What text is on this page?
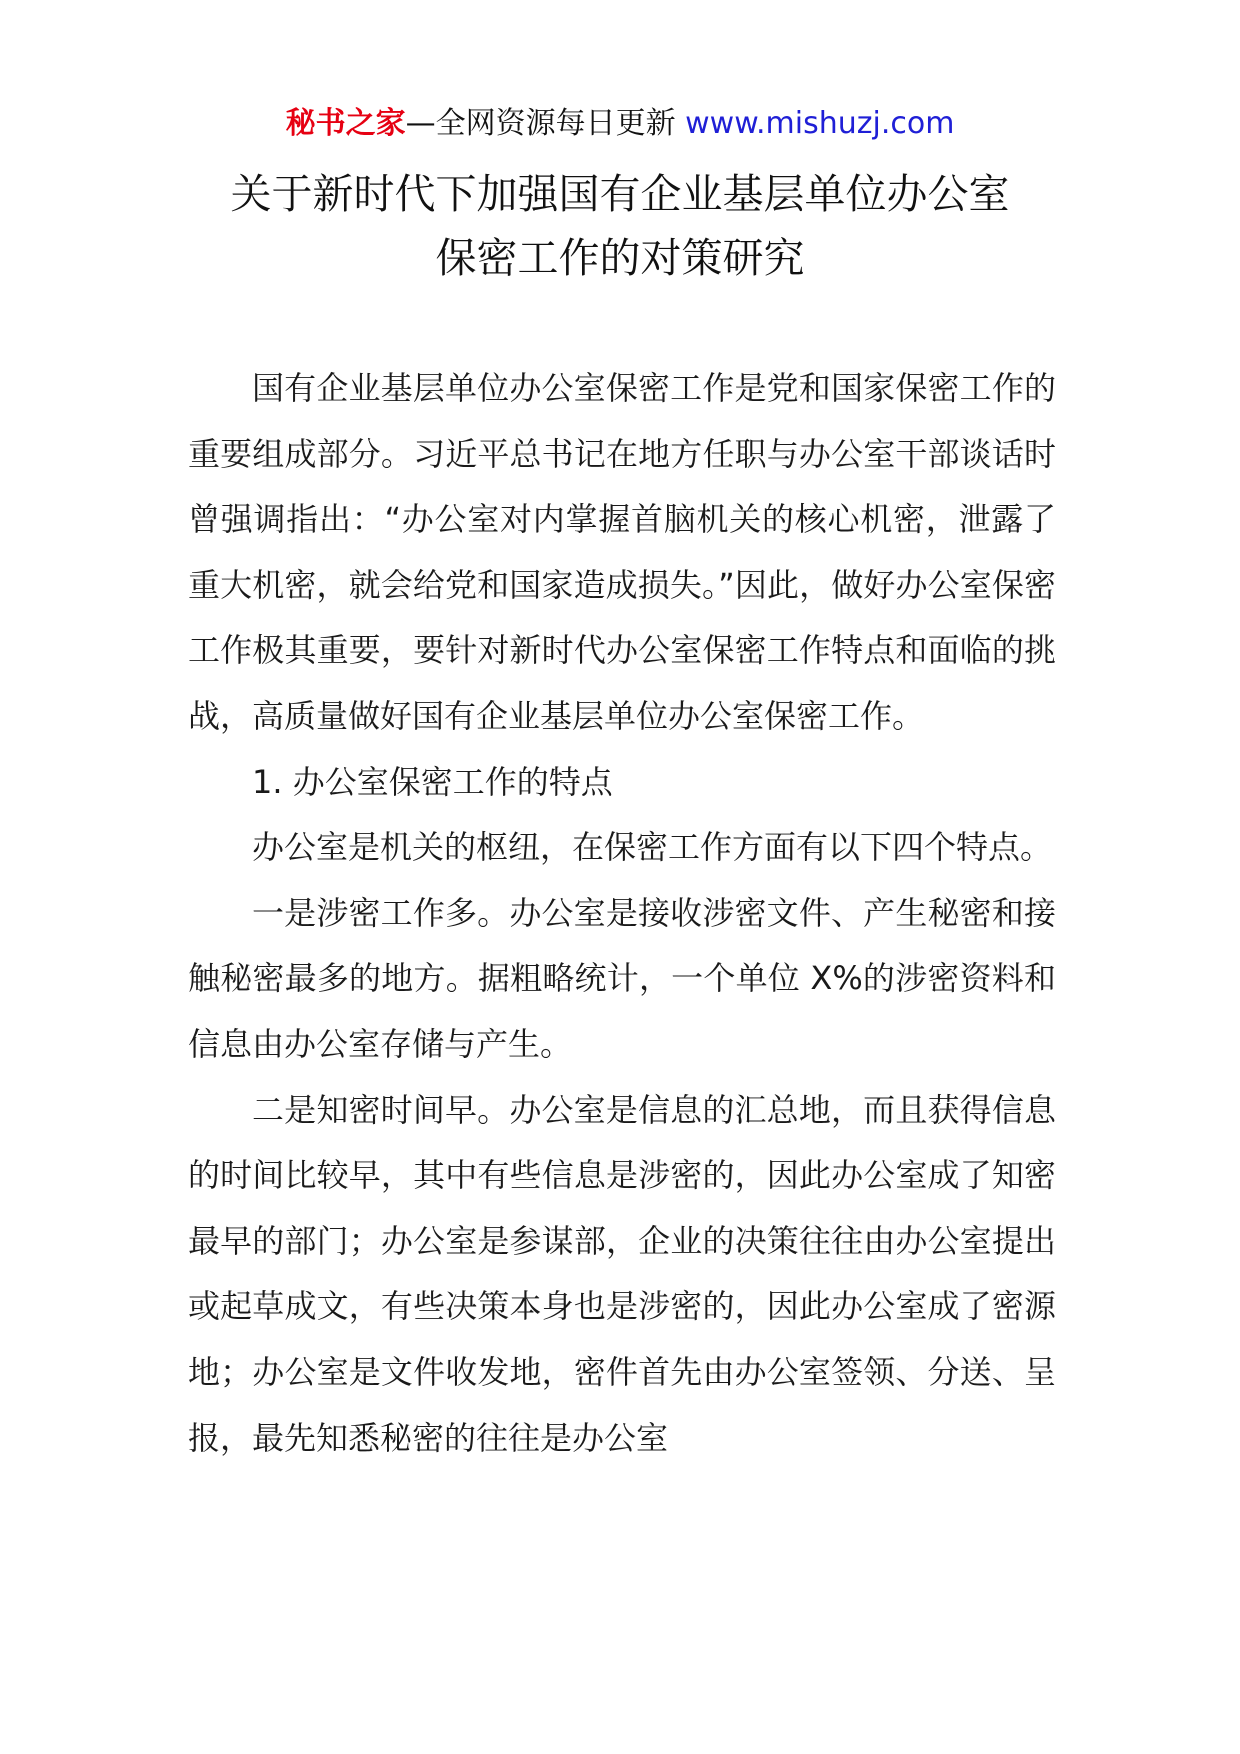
秘书之家—全网资源每日更新 www.mishuzj.com
关于新时代下加强国有企业基层单位办公室
保密工作的对策研究

国有企业基层单位办公室保密工作是党和国家保密工作的重要组成部分。习近平总书记在地方任职与办公室干部谈话时曾强调指出：“办公室对内掌握首脑机关的核心机密，泄露了重大机密，就会给党和国家造成损失。”因此，做好办公室保密工作极其重要，要针对新时代办公室保密工作特点和面临的挑战，高质量做好国有企业基层单位办公室保密工作。

1. 办公室保密工作的特点

办公室是机关的枢纽，在保密工作方面有以下四个特点。

一是涉密工作多。办公室是接收涉密文件、产生秘密和接触秘密最多的地方。据粗略统计，一个单位 X%的涉密资料和信息由办公室存储与产生。

二是知密时间早。办公室是信息的汇总地，而且获得信息的时间比较早，其中有些信息是涉密的，因此办公室成了知密最早的部门；办公室是参谋部，企业的决策往往由办公室提出或起草成文，有些决策本身也是涉密的，因此办公室成了密源地；办公室是文件收发地，密件首先由办公室签领、分送、呈报，最先知悉秘密的往往是办公室
